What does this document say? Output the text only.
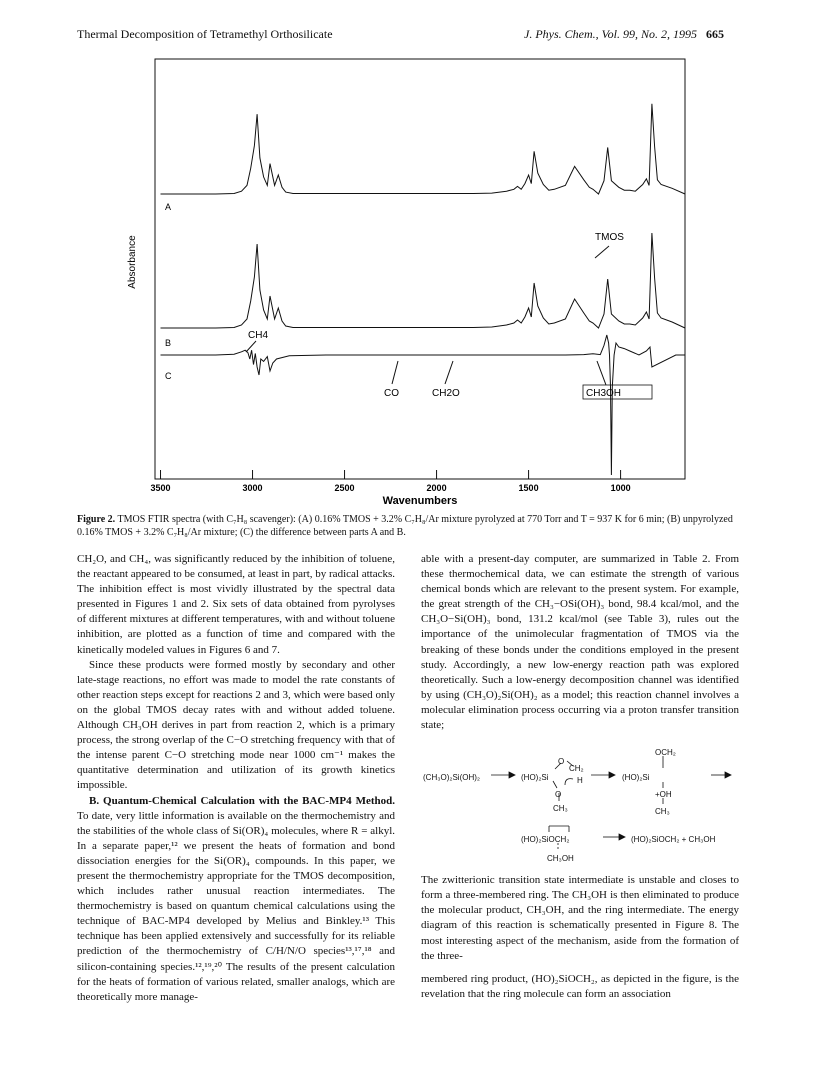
Thermal Decomposition of Tetramethyl Orthosilicate	J. Phys. Chem., Vol. 99, No. 2, 1995 665
Absorbance
Wavenumbers
A
B
C
TMOS
CH4
CO	CH2O	CH3OH
3500	3000	2500	2000	1500	1000
Figure 2. TMOS FTIR spectra (with C₇H₈ scavenger): (A) 0.16% TMOS + 3.2% C₇H₈/Ar mixture pyrolyzed at 770 Torr and T = 937 K for 6 min; (B) unpyrolyzed 0.16% TMOS + 3.2% C₇H₈/Ar mixture; (C) the difference between parts A and B.

CH₂O, and CH₄, was significantly reduced by the inhibition of toluene, the reactant appeared to be consumed, at least in part, by radical attacks. The inhibition effect is most vividly illustrated by the spectral data presented in Figures 1 and 2. Six sets of data obtained from pyrolyses of different mixtures at different temperatures, with and without toluene inhibition, are plotted as a function of time and compared with the kinetically modeled values in Figures 6 and 7.

Since these products were formed mostly by secondary and other late-stage reactions, no effort was made to model the rate constants of other reaction steps except for reactions 2 and 3, which were based only on the global TMOS decay rates with and without added toluene. Although CH₃OH derives in part from reaction 2, which is a primary process, the strong overlap of the C−O stretching frequency with that of the intense parent C−O stretching mode near 1000 cm⁻¹ makes the quantitative determination and utilization of its growth kinetics impossible.

B. Quantum-Chemical Calculation with the BAC-MP4 Method. To date, very little information is available on the thermochemistry and the stabilities of the whole class of Si(OR)₄ molecules, where R = alkyl. In a separate paper,¹² we present the heats of formation and bond dissociation energies for the Si(OR)₄ compounds. In this paper, we present the thermochemistry appropriate for the TMOS decomposition, which includes rather unusual reaction intermediates. The thermochemistry is based on quantum chemical calculations using the technique of BAC-MP4 developed by Melius and Binkley.¹³ This technique has been applied extensively and successfully for its reliable prediction of the thermochemistry of C/H/N/O species¹³,¹⁷,¹⁸ and silicon-containing species.¹²,¹⁹,²⁰ The results of the present calculation for the heats of formation of various related, smaller analogs, which are theoretically more manage-

able with a present-day computer, are summarized in Table 2. From these thermochemical data, we can estimate the strength of various chemical bonds which are relevant to the present system. For example, the great strength of the CH₃−OSi(OH)₃ bond, 98.4 kcal/mol, and the CH₃O−Si(OH)₃ bond, 131.2 kcal/mol (see Table 3), rules out the importance of the unimolecular fragmentation of TMOS via the breaking of these bonds under the conditions employed in the present study. Accordingly, a new low-energy reaction path was explored theoretically. Such a low-energy decomposition channel was identified by using (CH₃O)₂Si(OH)₂ as a model; this reaction channel involves a molecular elimination process occurring via a proton transfer transition state;

(CH₃O)₂Si(OH)₂	(HO)₂Si
O
CH₂
H
O
CH₃
OCH₂
(HO)₂Si
+OH
CH₃
(HO)₂SiOCH₂
CH₃OH
(HO)₂SiOCH₂ + CH₃OH

The zwitterionic transition state intermediate is unstable and closes to form a three-membered ring. The CH₃OH is then eliminated to produce the molecular product, CH₃OH, and the ring intermediate. The energy diagram of this reaction is schematically presented in Figure 8. The most interesting aspect of the mechanism, aside from the formation of the three-

membered ring product, (HO)₂SiOCH₂, as depicted in the figure, is the revelation that the ring molecule can form an association
